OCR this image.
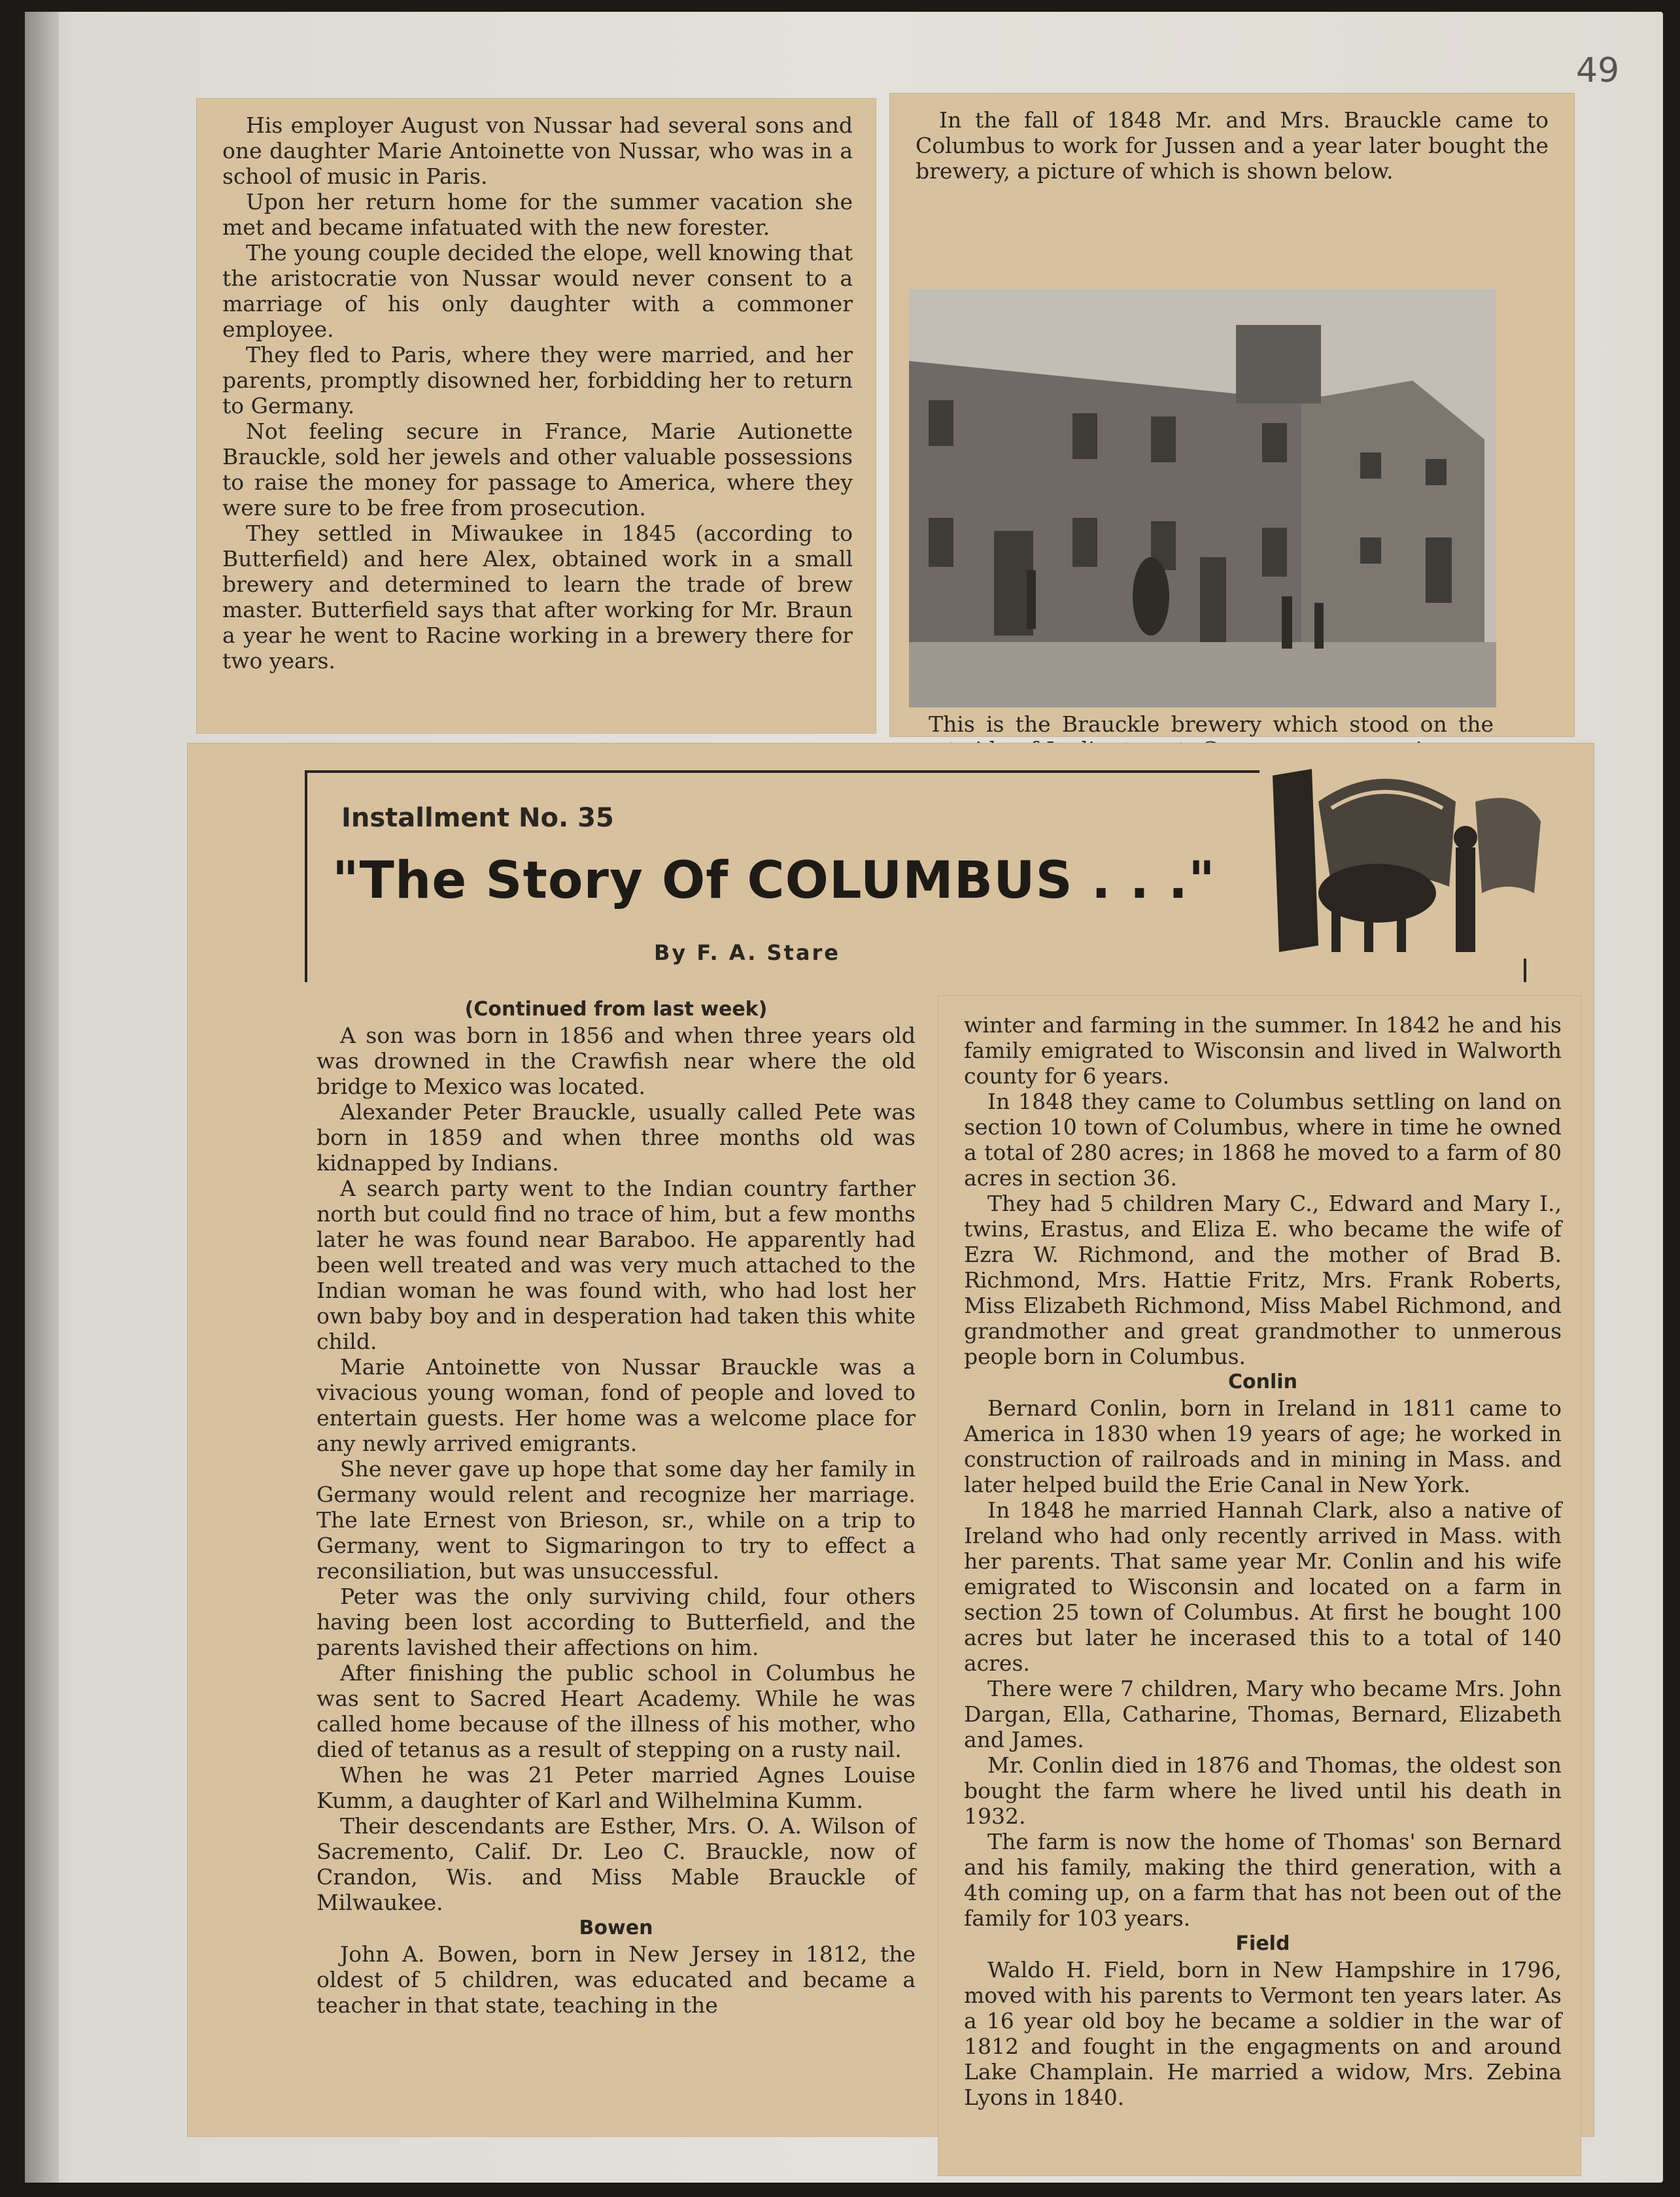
49

His employer August von Nussar had several sons and one daughter Marie Antoinette von Nussar, who was in a school of music in Paris.

Upon her return home for the summer vacation she met and became infatuated with the new forester.

The young couple decided the elope, well knowing that the aristocratie von Nussar would never consent to a marriage of his only daughter with a commoner employee.

They fled to Paris, where they were married, and her parents, promptly disowned her, forbidding her to return to Germany.

Not feeling secure in France, Marie Autionette Brauckle, sold her jewels and other valuable possessions to raise the money for passage to America, where they were sure to be free from prosecution.

They settled in Miwaukee in 1845 (according to Butterfield) and here Alex, obtained work in a small brewery and determined to learn the trade of brew master. Butterfield says that after working for Mr. Braun a year he went to Racine working in a brewery there for two years.

In the fall of 1848 Mr. and Mrs. Brauckle came to Columbus to work for Jussen and a year later bought the brewery, a picture of which is shown below.

This is the Brauckle brewery which stood on the

Installment No. 35
"The Story Of COLUMBUS . . ."
By F. A. Stare
(Continued from last week)

A son was born in 1856 and when three years old was drowned in the Crawfish near where the old bridge to Mexico was located.

Alexander Peter Brauckle, usually called Pete was born in 1859 and when three months old was kidnapped by Indians.

A search party went to the Indian country farther north but could find no trace of him, but a few months later he was found near Baraboo. He apparently had been well treated and was very much attached to the Indian woman he was found with, who had lost her own baby boy and in desperation had taken this white child.

Marie Antoinette von Nussar Brauckle was a vivacious young woman, fond of people and loved to entertain guests. Her home was a welcome place for any newly arrived emigrants.

She never gave up hope that some day her family in Germany would relent and recognize her marriage. The late Ernest von Brieson, sr., while on a trip to Germany, went to Sigmaringon to try to effect a reconsiliation, but was unsuccessful.

Peter was the only surviving child, four others having been lost according to Butterfield, and the parents lavished their affections on him.

After finishing the public school in Columbus he was sent to Sacred Heart Academy. While he was called home because of the illness of his mother, who died of tetanus as a result of stepping on a rusty nail.

When he was 21 Peter married Agnes Louise Kumm, a daughter of Karl and Wilhelmina Kumm.

Their descendants are Esther, Mrs. O. A. Wilson of Sacremento, Calif. Dr. Leo C. Brauckle, now of Crandon, Wis. and Miss Mable Brauckle of Milwaukee.

Bowen

John A. Bowen, born in New Jersey in 1812, the oldest of 5 children, was educated and became a teacher in that state, teaching in the

winter and farming in the summer. In 1842 he and his family emigrated to Wisconsin and lived in Walworth county for 6 years.

In 1848 they came to Columbus settling on land on section 10 town of Columbus, where in time he owned a total of 280 acres; in 1868 he moved to a farm of 80 acres in section 36.

They had 5 children Mary C., Edward and Mary I., twins, Erastus, and Eliza E. who became the wife of Ezra W. Richmond, and the mother of Brad B. Richmond, Mrs. Hattie Fritz, Mrs. Frank Roberts, Miss Elizabeth Richmond, Miss Mabel Richmond, and grandmother and great grandmother to unmerous people born in Columbus.

Conlin

Bernard Conlin, born in Ireland in 1811 came to America in 1830 when 19 years of age; he worked in construction of railroads and in mining in Mass. and later helped build the Erie Canal in New York.

In 1848 he married Hannah Clark, also a native of Ireland who had only recently arrived in Mass. with her parents. That same year Mr. Conlin and his wife emigrated to Wisconsin and located on a farm in section 25 town of Columbus. At first he bought 100 acres but later he incerased this to a total of 140 acres.

There were 7 children, Mary who became Mrs. John Dargan, Ella, Catharine, Thomas, Bernard, Elizabeth and James.

Mr. Conlin died in 1876 and Thomas, the oldest son bought the farm where he lived until his death in 1932.

The farm is now the home of Thomas' son Bernard and his family, making the third generation, with a 4th coming up, on a farm that has not been out of the family for 103 years.

Field

Waldo H. Field, born in New Hampshire in 1796, moved with his parents to Vermont ten years later. As a 16 year old boy he became a soldier in the war of 1812 and fought in the engagments on and around Lake Champlain. He married a widow, Mrs. Zebina Lyons in 1840.
